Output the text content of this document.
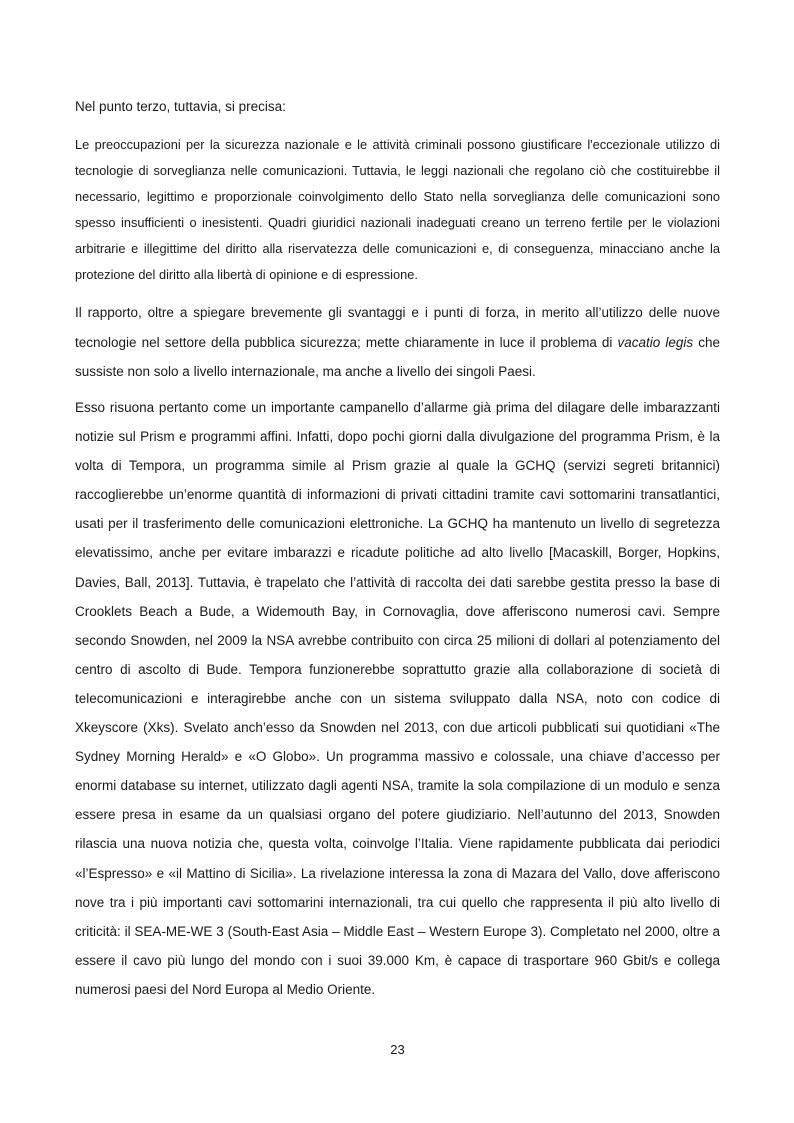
Nel punto terzo, tuttavia, si precisa:

Le preoccupazioni per la sicurezza nazionale e le attività criminali possono giustificare l'eccezionale utilizzo di tecnologie di sorveglianza nelle comunicazioni. Tuttavia, le leggi nazionali che regolano ciò che costituirebbe il necessario, legittimo e proporzionale coinvolgimento dello Stato nella sorveglianza delle comunicazioni sono spesso insufficienti o inesistenti. Quadri giuridici nazionali inadeguati creano un terreno fertile per le violazioni arbitrarie e illegittime del diritto alla riservatezza delle comunicazioni e, di conseguenza, minacciano anche la protezione del diritto alla libertà di opinione e di espressione.

Il rapporto, oltre a spiegare brevemente gli svantaggi e i punti di forza, in merito all’utilizzo delle nuove tecnologie nel settore della pubblica sicurezza; mette chiaramente in luce il problema di vacatio legis che sussiste non solo a livello internazionale, ma anche a livello dei singoli Paesi.

Esso risuona pertanto come un importante campanello d’allarme già prima del dilagare delle imbarazzanti notizie sul Prism e programmi affini. Infatti, dopo pochi giorni dalla divulgazione del programma Prism, è la volta di Tempora, un programma simile al Prism grazie al quale la GCHQ (servizi segreti britannici) raccoglierebbe un’enorme quantità di informazioni di privati cittadini tramite cavi sottomarini transatlantici, usati per il trasferimento delle comunicazioni elettroniche. La GCHQ ha mantenuto un livello di segretezza elevatissimo, anche per evitare imbarazzi e ricadute politiche ad alto livello [Macaskill, Borger, Hopkins, Davies, Ball, 2013]. Tuttavia, è trapelato che l’attività di raccolta dei dati sarebbe gestita presso la base di Crooklets Beach a Bude, a Widemouth Bay, in Cornovaglia, dove afferiscono numerosi cavi. Sempre secondo Snowden, nel 2009 la NSA avrebbe contribuito con circa 25 milioni di dollari al potenziamento del centro di ascolto di Bude. Tempora funzionerebbe soprattutto grazie alla collaborazione di società di telecomunicazioni e interagirebbe anche con un sistema sviluppato dalla NSA, noto con codice di Xkeyscore (Xks). Svelato anch’esso da Snowden nel 2013, con due articoli pubblicati sui quotidiani «The Sydney Morning Herald» e «O Globo». Un programma massivo e colossale, una chiave d’accesso per enormi database su internet, utilizzato dagli agenti NSA, tramite la sola compilazione di un modulo e senza essere presa in esame da un qualsiasi organo del potere giudiziario. Nell’autunno del 2013, Snowden rilascia una nuova notizia che, questa volta, coinvolge l’Italia. Viene rapidamente pubblicata dai periodici «l’Espresso» e «il Mattino di Sicilia». La rivelazione interessa la zona di Mazara del Vallo, dove afferiscono nove tra i più importanti cavi sottomarini internazionali, tra cui quello che rappresenta il più alto livello di criticità: il SEA-ME-WE 3 (South-East Asia – Middle East – Western Europe 3). Completato nel 2000, oltre a essere il cavo più lungo del mondo con i suoi 39.000 Km, è capace di trasportare 960 Gbit/s e collega numerosi paesi del Nord Europa al Medio Oriente.

23
